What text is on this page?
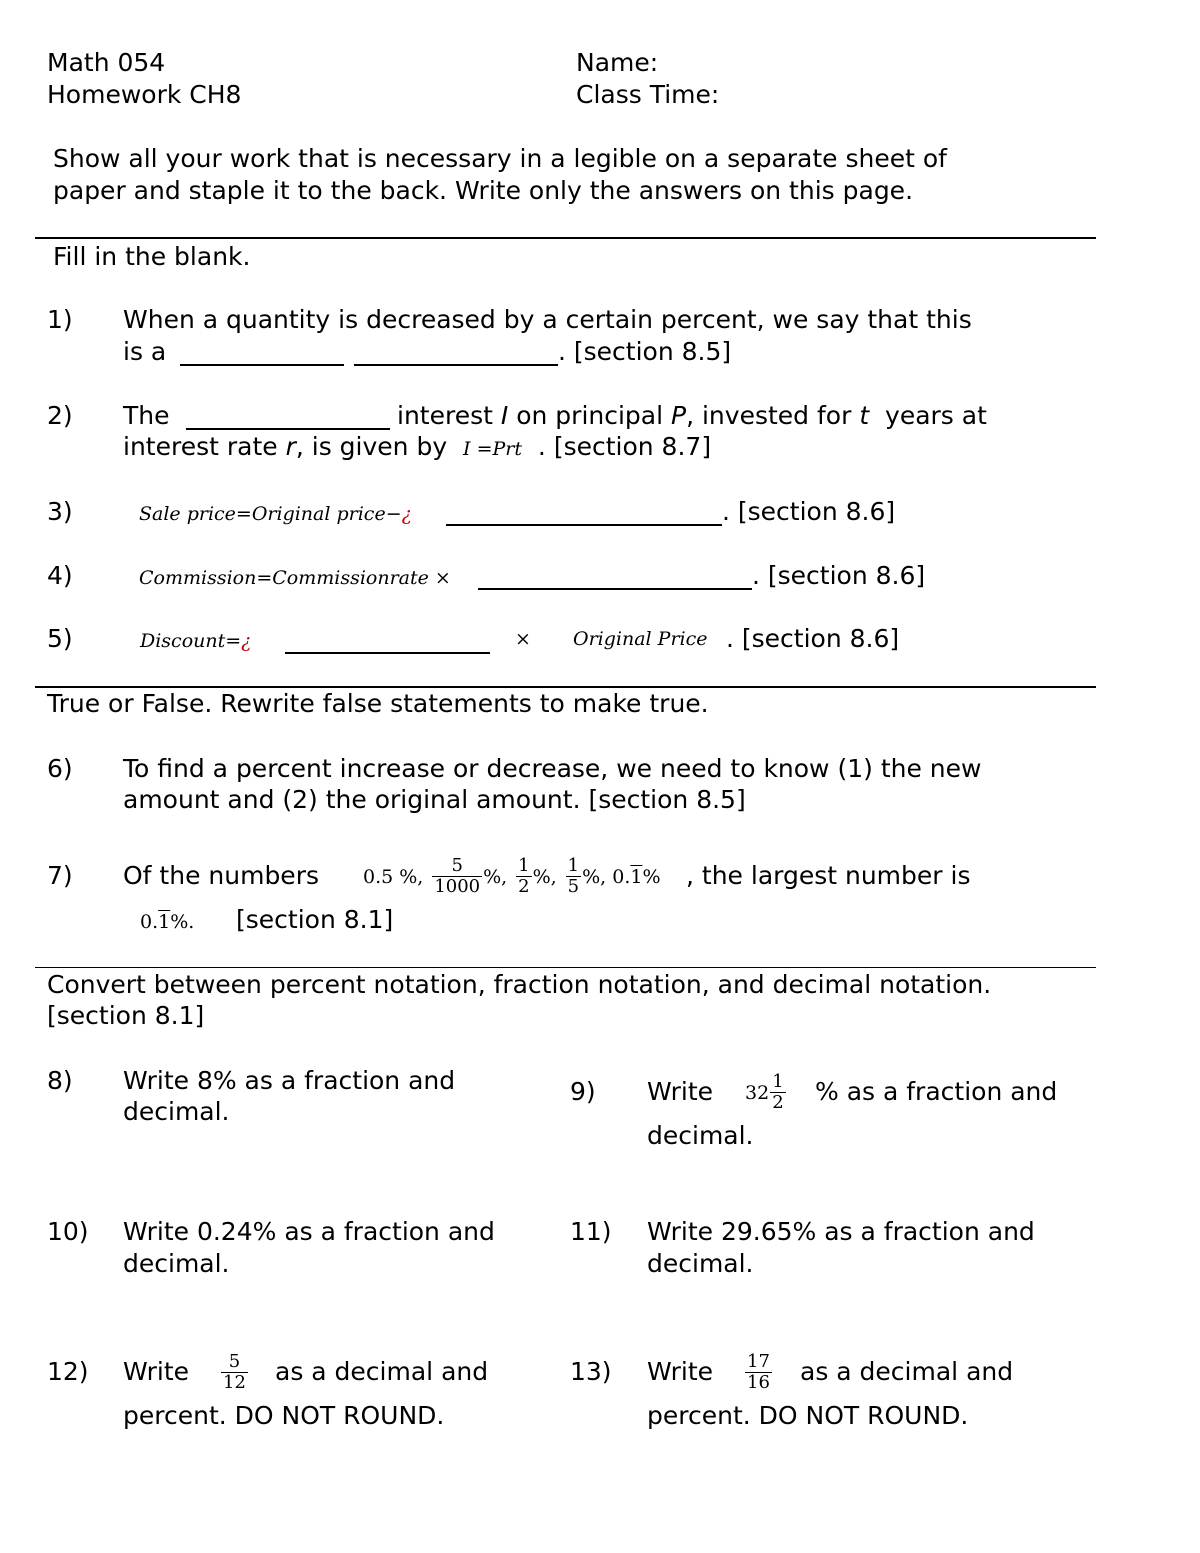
Math 054
Homework CH8
Name:
Class Time:
Show all your work that is necessary in a legible on a separate sheet of
paper and staple it to the back. Write only the answers on this page.
Fill in the blank.
1) When a quantity is decreased by a certain percent, we say that this
is a	. [section 8.5]
2) The	interest I on principal P, invested for t years at
interest rate r, is given by I =Prt . [section 8.7]
3)	Sale price=Original price−¿	. [section 8.6]
4)	Commission=Commissionrate ×	. [section 8.6]
5)	Discount=¿	× Original Price . [section 8.6]
True or False. Rewrite false statements to make true.
6) To find a percent increase or decrease, we need to know (1) the new
amount and (2) the original amount. [section 8.5]
7) Of the numbers 0.5 %, $\frac{5}{1000}$ %, $\frac{1}{2}$ %, $\frac{1}{5}$ %, 0.1% , the largest number is
0.1%. [section 8.1]
Convert between percent notation, fraction notation, and decimal notation.
[section 8.1]
8) Write 8% as a fraction and
decimal.
9) Write $32 \frac{1}{2}$ % as a fraction and
decimal.
10) Write 0.24% as a fraction and
decimal.
11) Write 29.65% as a fraction and
decimal.
12) Write $\frac{5}{12}$ as a decimal and
percent. DO NOT ROUND.
13) Write $\frac{17}{16}$ as a decimal and
percent. DO NOT ROUND.
